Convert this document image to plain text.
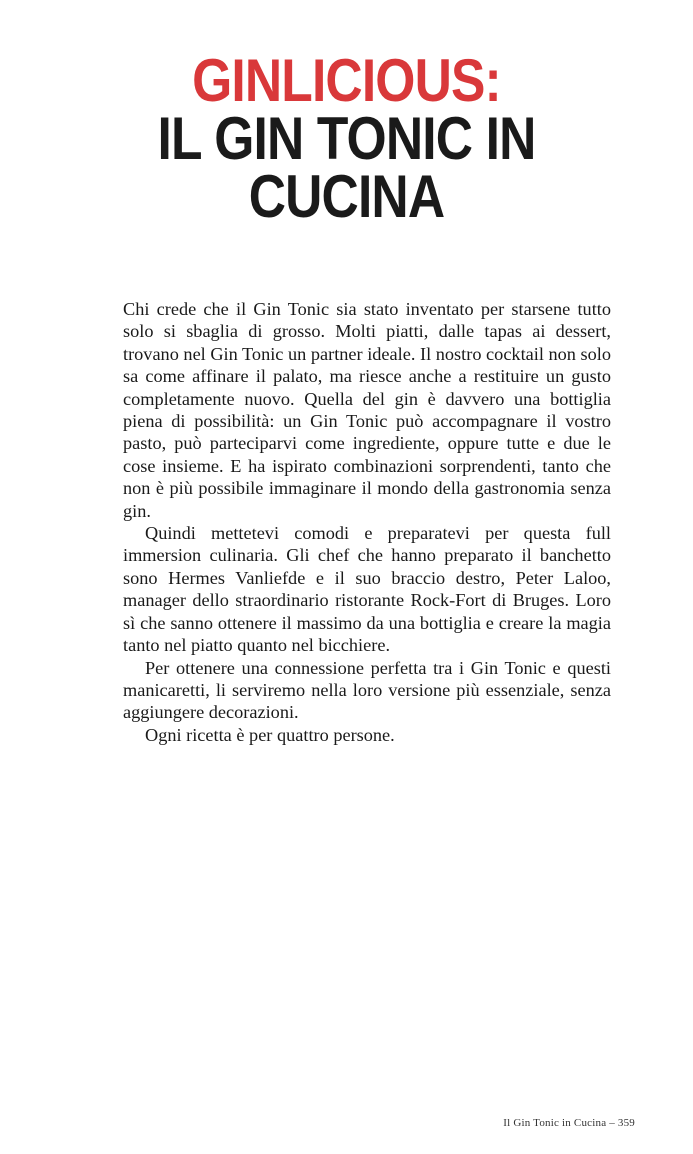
GINLICIOUS:
IL GIN TONIC IN
CUCINA

Chi crede che il Gin Tonic sia stato inventato per starsene tutto solo si sbaglia di grosso. Molti piatti, dalle tapas ai dessert, trovano nel Gin Tonic un partner ideale. Il nostro cocktail non solo sa come affinare il palato, ma riesce anche a restituire un gusto completamente nuovo. Quella del gin è davvero una bottiglia piena di possibilità: un Gin Tonic può accompagnare il vostro pasto, può parteciparvi come ingrediente, oppure tutte e due le cose insieme. E ha ispirato combinazioni sorprendenti, tanto che non è più possibile immaginare il mondo della gastronomia senza gin.

Quindi mettetevi comodi e preparatevi per questa full immersion culinaria. Gli chef che hanno preparato il banchetto sono Hermes Vanliefde e il suo braccio destro, Peter Laloo, manager dello straordinario ristorante Rock-Fort di Bruges. Loro sì che sanno ottenere il massimo da una bottiglia e creare la magia tanto nel piatto quanto nel bicchiere.

Per ottenere una connessione perfetta tra i Gin Tonic e questi manicaretti, li serviremo nella loro versione più essenziale, senza aggiungere decorazioni.

Ogni ricetta è per quattro persone.

Il Gin Tonic in Cucina – 359
